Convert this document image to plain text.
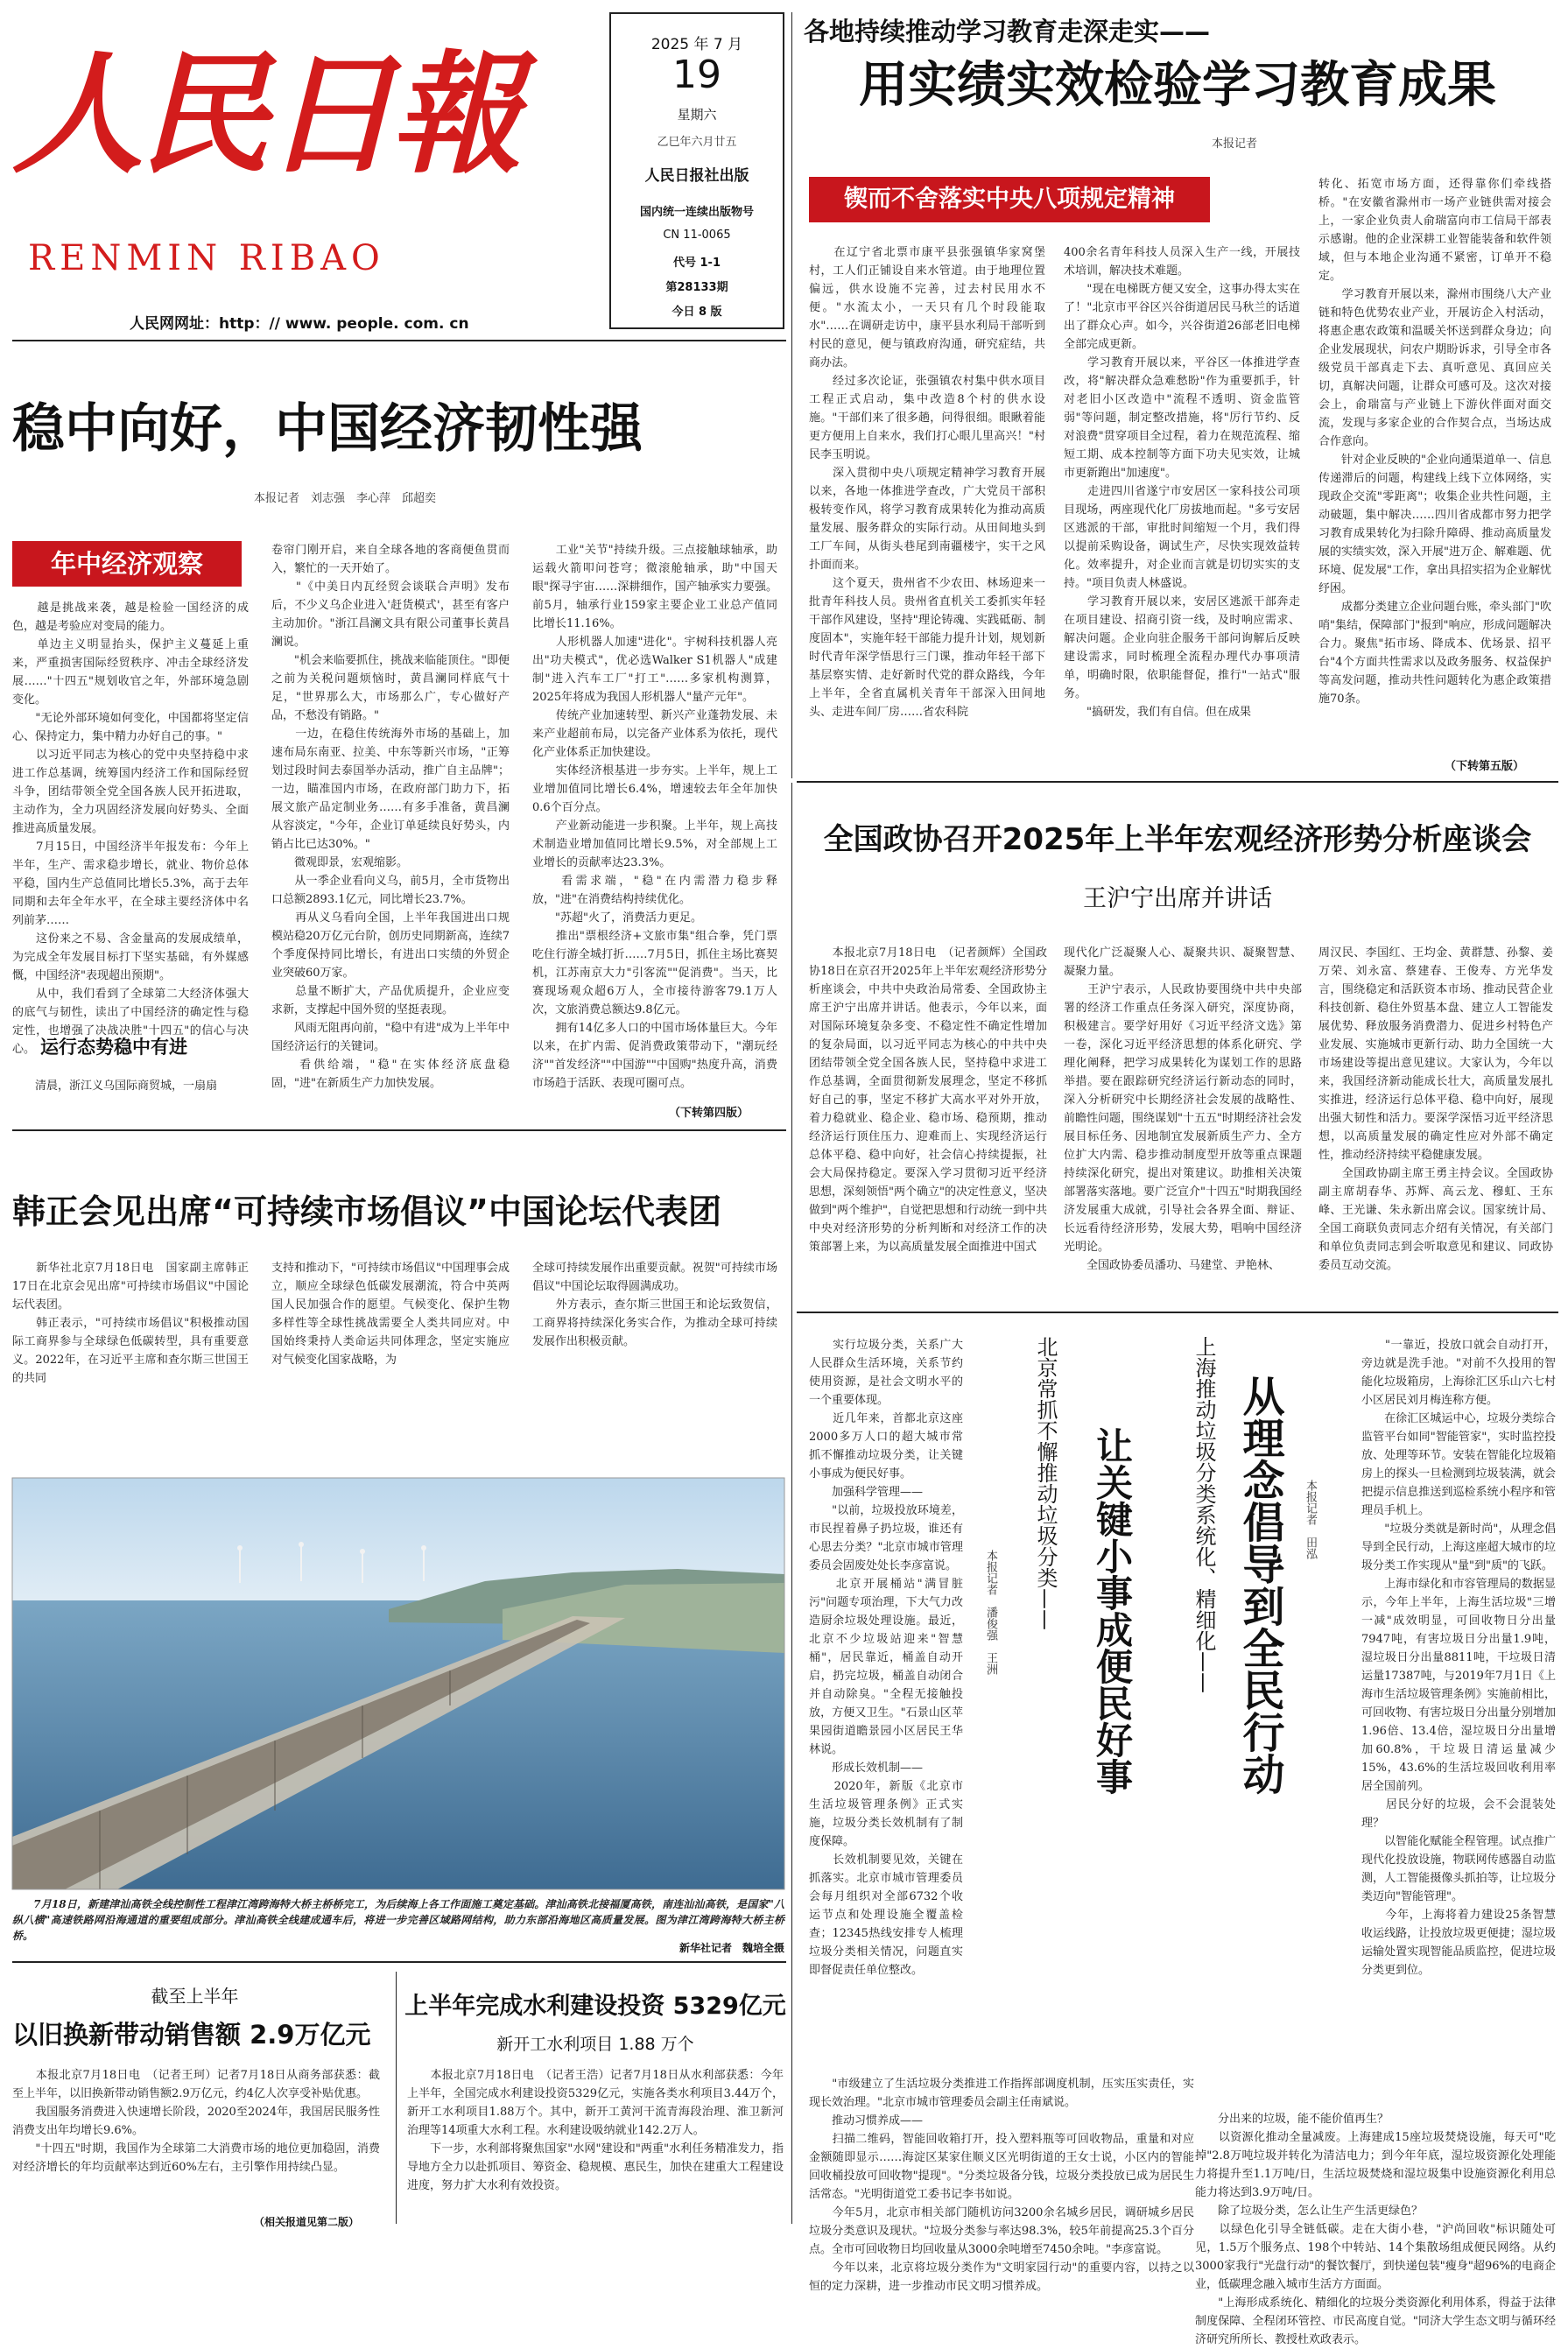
人民日報
RENMIN RIBAO
人民网网址：http：// www. people. com. cn
2025 年 7 月
19
星期六
乙巳年六月廿五
人民日报社出版
国内统一连续出版物号
CN 11-0065
代号 1-1
第28133期
今日 8 版
各地持续推动学习教育走深走实——
用实绩实效检验学习教育成果
本报记者
锲而不舍落实中央八项规定精神
　　在辽宁省北票市康平县张强镇华家窝堡村，工人们正铺设自来水管道。由于地理位置偏远，供水设施不完善，过去村民用水不便。"水流太小，一天只有几个时段能取水"……在调研走访中，康平县水利局干部听到村民的意见，便与镇政府沟通，研究症结，共商办法。
　　经过多次论证，张强镇农村集中供水项目工程正式启动，集中改造8个村的供水设施。"干部们来了很多趟，问得很细。眼瞅着能更方便用上自来水，我们打心眼儿里高兴！"村民李玉明说。
　　深入贯彻中央八项规定精神学习教育开展以来，各地一体推进学查改，广大党员干部积极转变作风，将学习教育成果转化为推动高质量发展、服务群众的实际行动。从田间地头到工厂车间，从街头巷尾到南疆楼宇，实干之风扑面而来。
　　这个夏天，贵州省不少农田、林场迎来一批青年科技人员。贵州省直机关工委抓实年轻干部作风建设，坚持"理论铸魂、实践砥砺、制度固本"，实施年轻干部能力提升计划，规划新时代青年深学悟思行三门课，推动年轻干部下基层察实情、走好新时代党的群众路线，今年上半年，全省直属机关青年干部深入田间地头、走进车间厂房……省农科院
400余名青年科技人员深入生产一线，开展技术培训，解决技术难题。
　　"现在电梯既方便又安全，这事办得太实在了！"北京市平谷区兴谷街道居民马秋兰的话道出了群众心声。如今，兴谷街道26部老旧电梯全部完成更新。
　　学习教育开展以来，平谷区一体推进学查改，将"解决群众急难愁盼"作为重要抓手，针对老旧小区改造中"流程不透明、资金监管弱"等问题，制定整改措施，将"厉行节约、反对浪费"贯穿项目全过程，着力在规范流程、缩短工期、成本控制等方面下功夫见实效，让城市更新跑出"加速度"。
　　走进四川省遂宁市安居区一家科技公司项目现场，两座现代化厂房拔地而起。"多亏安居区逃派的干部，审批时间缩短一个月，我们得以提前采购设备，调试生产，尽快实现效益转化。效率提升，对企业而言就是切切实实的支持。"项目负责人林盛说。
　　学习教育开展以来，安居区逃派干部奔走在项目建设、招商引资一线，及时响应需求、解决问题。企业向驻企服务干部问询解后反映建设需求，同时梳理全流程办理代办事项清单，明确时限，依职能督促，推行"一站式"服务。
　　"搞研发，我们有自信。但在成果
转化、拓宽市场方面，还得靠你们牵线搭桥。"在安徽省滁州市一场产业链供需对接会上，一家企业负责人俞瑞富向市工信局干部表示感谢。他的企业深耕工业智能装备和软件领域，但与本地企业沟通不紧密，订单开不稳定。
　　学习教育开展以来，滁州市围绕八大产业链和特色优势农业产业，开展访企入村活动，将惠企惠农政策和温暖关怀送到群众身边；向企业发展现状，问农户期盼诉求，引导全市各级党员干部真走下去、真听意见、真回应关切，真解决问题，让群众可感可及。这次对接会上，俞瑞富与产业链上下游伙伴面对面交流，发现与多家企业的合作契合点，当场达成合作意向。
　　针对企业反映的"企业向通渠道单一、信息传递滞后的问题，构建线上线下立体网络，实现政企交流"零距离"；收集企业共性问题，主动破题，集中解决……四川省成都市努力把学习教育成果转化为扫除升障碍、推动高质量发展的实绩实效，深入开展"进万企、解难题、优环境、促发展"工作，拿出具招实招为企业解忧纾困。
　　成都分类建立企业问题台账，牵头部门"吹哨"集结，保障部门"报到"响应，形成问题解决合力。聚焦"拓市场、降成本、优场景、招平台"4个方面共性需求以及政务服务、权益保护等高发问题，推动共性问题转化为惠企政策措施70条。
（下转第五版）
稳中向好，中国经济韧性强
本报记者　刘志强　李心萍　邱超奕
年中经济观察
　　越是挑战来袭，越是检验一国经济的成色，越是考验应对变局的能力。
　　单边主义明显抬头，保护主义蔓延上重来，严重损害国际经贸秩序、冲击全球经济发展……"十四五"规划收官之年，外部环境急剧变化。
　　"无论外部环境如何变化，中国都将坚定信心、保持定力，集中精力办好自己的事。"
　　以习近平同志为核心的党中央坚持稳中求进工作总基调，统筹国内经济工作和国际经贸斗争，团结带领全党全国各族人民开拓进取，主动作为，全力巩固经济发展向好势头、全面推进高质量发展。
　　7月15日，中国经济半年报发布：今年上半年，生产、需求稳步增长，就业、物价总体平稳，国内生产总值同比增长5.3%，高于去年同期和去年全年水平，在全球主要经济体中名列前茅……
　　这份来之不易、含金量高的发展成绩单，为完成全年发展目标打下坚实基础，有外媒感慨，中国经济"表现超出预期"。
　　从中，我们看到了全球第二大经济体强大的底气与韧性，读出了中国经济的确定性与稳定性，也增强了决战决胜"十四五"的信心与决心。 运行态势稳中有进
　　清晨，浙江义乌国际商贸城，一扇扇
卷帘门刚开启，来自全球各地的客商便鱼贯而入，繁忙的一天开始了。
　　"《中美日内瓦经贸会谈联合声明》发布后，不少义乌企业进入'赶货模式'，甚至有客户主动加价。"浙江昌澜文具有限公司董事长黄昌澜说。
　　"机会来临要抓住，挑战来临能顶住。"即便之前为关税问题烦恼时，黄昌澜同样底气十足，"世界那么大，市场那么广，专心做好产品，不愁没有销路。"
　　一边，在稳住传统海外市场的基础上，加速布局东南亚、拉美、中东等新兴市场，"正筹划过段时间去泰国举办活动，推广自主品牌"；一边，瞄准国内市场，在政府部门助力下，拓展文旅产品定制业务……有多手准备，黄昌澜从容淡定，"今年，企业订单延续良好势头，内销占比已达30%。"
　　微观即景，宏观缩影。
　　从一季企业看向义乌，前5月，全市货物出口总额2893.1亿元，同比增长23.7%。
　　再从义乌看向全国，上半年我国进出口规模站稳20万亿元台阶，创历史同期新高，连续7个季度保持同比增长，有进出口实绩的外贸企业突破60万家。
　　总量不断扩大，产品优质提升，企业应变求新，支撑起中国外贸的坚挺表现。
　　风雨无阻再向前，"稳中有进"成为上半年中国经济运行的关键词。
　　看供给端，"稳"在实体经济底盘稳固，"进"在新质生产力加快发展。
　　工业"关节"持续升级。三点接触球轴承，助运载火箭叩问苍穹；微滚舱轴承，助"中国天眼"探寻宇宙……深耕细作，国产轴承实力要强。前5月，轴承行业159家主要企业工业总产值同比增长11.16%。
　　人形机器人加速"进化"。宇树科技机器人亮出"功夫模式"，优必选Walker S1机器人"成建制"进入汽车工厂"打工"……多家机构测算，2025年将成为我国人形机器人"量产元年"。
　　传统产业加速转型、新兴产业蓬勃发展、未来产业超前布局，以完备产业体系为依托，现代化产业体系正加快建设。
　　实体经济根基进一步夯实。上半年，规上工业增加值同比增长6.4%，增速较去年全年加快0.6个百分点。
　　产业新动能进一步积聚。上半年，规上高技术制造业增加值同比增长9.5%，对全部规上工业增长的贡献率达23.3%。
　　看需求端，"稳"在内需潜力稳步释放，"进"在消费结构持续优化。
　　"苏超"火了，消费活力更足。
　　推出"票根经济+文旅市集"组合拳，凭门票吃住行游全城打折……7月5日，抓住主场比赛契机，江苏南京大力"引客流""促消费"。当天，比赛现场观众超6万人，全市接待游客79.1万人次，文旅消费总额达9.8亿元。
　　拥有14亿多人口的中国市场体量巨大。今年以来，在扩内需、促消费政策带动下，"潮玩经济""首发经济""中国游""中国购"热度升高，消费市场趋于活跃、表现可圈可点。
（下转第四版）
全国政协召开2025年上半年宏观经济形势分析座谈会
王沪宁出席并讲话
　　本报北京7月18日电　（记者颜辉）全国政协18日在京召开2025年上半年宏观经济形势分析座谈会，中共中央政治局常委、全国政协主席王沪宁出席并讲话。他表示，今年以来，面对国际环境复杂多变、不稳定性不确定性增加的复杂局面，以习近平同志为核心的中共中央团结带领全党全国各族人民，坚持稳中求进工作总基调，全面贯彻新发展理念，坚定不移抓好自己的事，坚定不移扩大高水平对外开放，着力稳就业、稳企业、稳市场、稳预期，推动经济运行顶住压力、迎难而上、实现经济运行总体平稳、稳中向好，社会信心持续提振，社会大局保持稳定。要深入学习贯彻习近平经济思想，深刻领悟"两个确立"的决定性意义，坚决做到"两个维护"，自觉把思想和行动统一到中共中央对经济形势的分析判断和对经济工作的决策部署上来，为以高质量发展全面推进中国式
现代化广泛凝聚人心、凝聚共识、凝聚智慧、凝聚力量。
　　王沪宁表示，人民政协要围绕中共中央部署的经济工作重点任务深入研究，深度协商，积极建言。要学好用好《习近平经济文选》第一卷，深化习近平经济思想的体系化研究、学理化阐释，把学习成果转化为谋划工作的思路举措。要在跟踪研究经济运行新动态的同时，深入分析研究中长期经济社会发展的战略性、前瞻性问题，围绕谋划"十五五"时期经济社会发展目标任务、因地制宜发展新质生产力、全方位扩大内需、稳步推动制度型开放等重点课题持续深化研究，提出对策建议。助推相关决策部署落实落地。要广泛宣介"十四五"时期我国经济发展重大成就，引导社会各界全面、辩证、长远看待经济形势，发展大势，唱响中国经济光明论。
　　全国政协委员潘功、马建堂、尹艳林、
周汉民、李国红、王均金、黄群慧、孙黎、姜万荣、刘永富、蔡建春、王俊寿、方光华发言，围绕稳定和活跃资本市场、推动民营企业科技创新、稳住外贸基本盘、建立人工智能发展优势、释放服务消费潜力、促进乡村特色产业发展、实施城市更新行动、助力全国统一大市场建设等提出意见建议。大家认为，今年以来，我国经济新动能成长壮大，高质量发展扎实推进，经济运行总体平稳、稳中向好，展现出强大韧性和活力。要深学深悟习近平经济思想，以高质量发展的确定性应对外部不确定性，推动经济持续平稳健康发展。
　　全国政协副主席王勇主持会议。全国政协副主席胡春华、苏辉、高云龙、穆虹、王东峰、王光谦、朱永新出席会议。国家统计局、全国工商联负责同志介绍有关情况，有关部门和单位负责同志到会听取意见和建议、同政协委员互动交流。
韩正会见出席“可持续市场倡议”中国论坛代表团
　　新华社北京7月18日电　国家副主席韩正17日在北京会见出席"可持续市场倡议"中国论坛代表团。
　　韩正表示，"可持续市场倡议"积极推动国际工商界参与全球绿色低碳转型，具有重要意义。2022年，在习近平主席和查尔斯三世国王的共同
支持和推动下，"可持续市场倡议"中国理事会成立，顺应全球绿色低碳发展潮流，符合中英两国人民加强合作的愿望。气候变化、保护生物多样性等全球性挑战需要全人类共同应对。中国始终秉持人类命运共同体理念，坚定实施应对气候变化国家战略，为
全球可持续发展作出重要贡献。祝贺"可持续市场倡议"中国论坛取得圆满成功。
　　外方表示，查尔斯三世国王和论坛致贺信，工商界将持续深化务实合作，为推动全球可持续发展作出积极贡献。
　　7月18日，新建津汕高铁全线控制性工程津江湾跨海特大桥主桥桥完工，为后续海上各工作面施工奠定基础。津汕高铁北接福厦高铁，南连汕汕高铁，是国家"八纵八横"高速铁路网沿海通道的重要组成部分。津汕高铁全线建成通车后，将进一步完善区域路网结构，助力东部沿海地区高质量发展。图为津江湾跨海特大桥主桥桥。
新华社记者　魏培全摄
截至上半年
以旧换新带动销售额 2.9万亿元
　　本报北京7月18日电　（记者王珂）记者7月18日从商务部获悉：截至上半年，以旧换新带动销售额2.9万亿元，约4亿人次享受补贴优惠。
　　我国服务消费进入快速增长阶段，2020至2024年，我国居民服务性消费支出年均增长9.6%。
　　"十四五"时期，我国作为全球第二大消费市场的地位更加稳固，消费对经济增长的年均贡献率达到近60%左右，主引擎作用持续凸显。
（相关报道见第二版）
上半年完成水利建设投资 5329亿元
新开工水利项目 1.88 万个
　　本报北京7月18日电　（记者王浩）记者7月18日从水利部获悉：今年上半年，全国完成水利建设投资5329亿元，实施各类水利项目3.44万个，新开工水利项目1.88万个。其中，新开工黄河干流青海段治理、淮卫新河治理等14项重大水利工程。水利建设吸纳就业142.2万人。
　　下一步，水利部将聚焦国家"水网"建设和"两重"水利任务精准发力，指导地方全力以赴抓项目、筹资金、稳规模、惠民生，加快在建重大工程建设进度，努力扩大水利有效投资。
　　实行垃圾分类，关系广大人民群众生活环境，关系节约使用资源，是社会文明水平的一个重要体现。
　　近几年来，首都北京这座2000多万人口的超大城市常抓不懈推动垃圾分类，让关键小事成为便民好事。
　　加强科学管理——
　　"以前，垃圾投放环境差，市民捏着鼻子扔垃圾，谁还有心思去分类？"北京市城市管理委员会固废处处长李彦富说。
　　北京开展桶站"满冒脏污"问题专项治理，下大气力改造厨余垃圾处理设施。最近，北京不少垃圾站迎来"智慧桶"，居民靠近，桶盖自动开启，扔完垃圾，桶盖自动闭合并自动除臭。"全程无接触投放，方便又卫生。"石景山区苹果园街道瞻景园小区居民王华林说。
　　形成长效机制——
　　2020年，新版《北京市生活垃圾管理条例》正式实施，垃圾分类长效机制有了制度保障。
　　长效机制要见效，关键在抓落实。北京市城市管理委员会每月组织对全部6732个收运节点和处理设施全覆盖检查；12345热线安排专人梳理垃圾分类相关情况，问题直实即督促责任单位整改。
　　"市级建立了生活垃圾分类推进工作指挥部调度机制，压实压实责任，实现长效治理。"北京市城市管理委员会副主任南斌说。
　　推动习惯养成——
　　扫描二维码，智能回收箱打开，投入塑料瓶等可回收物品，重量和对应金额随即显示……海淀区某家住顺义区光明街道的王女士说，小区内的智能回收桶投放可回收物"提现"。"分类垃圾备分钱，垃圾分类投放已成为居民生活常态。"光明街道党工委书记李书如说。
　　今年5月，北京市相关部门随机访问3200余名城乡居民，调研城乡居民垃圾分类意识及现状。"垃圾分类参与率达98.3%，较5年前提高25.3个百分点。全市可回收物日均回收量从3000余吨增至7450余吨。"李彦富说。
　　今年以来，北京将垃圾分类作为"文明家园行动"的重要内容，以持之以恒的定力深耕，进一步推动市民文明习惯养成。
本报记者　潘俊强　王洲	北京常抓不懈推动垃圾分类—— 让关键小事成便民好事	上海推动垃圾分类系统化、精细化—— 从理念倡导到全民行动	本报记者　田泓
　　"一靠近，投放口就会自动打开，旁边就是洗手池。"对前不久投用的智能化垃圾箱房，上海徐汇区乐山六七村小区居民刘月梅连称方便。
　　在徐汇区城运中心，垃圾分类综合监管平台如同"智能管家"，实时监控投放、处理等环节。安装在智能化垃圾箱房上的探头一旦检测到垃圾装满，就会把提示信息推送到巡检系统小程序和管理员手机上。
　　"垃圾分类就是新时尚"，从理念倡导到全民行动，上海这座超大城市的垃圾分类工作实现从"量"到"质"的飞跃。
　　上海市绿化和市容管理局的数据显示，今年上半年，上海生活垃圾"三增一减"成效明显，可回收物日分出量7947吨，有害垃圾日分出量1.9吨，湿垃圾日分出量8811吨，干垃圾日清运量17387吨，与2019年7月1日《上海市生活垃圾管理条例》实施前相比，可回收物、有害垃圾日分出量分别增加1.96倍、13.4倍，湿垃圾日分出量增加60.8%，干垃圾日清运量减少15%，43.6%的生活垃圾回收利用率居全国前列。
　　居民分好的垃圾，会不会混装处理？
　　以智能化赋能全程管理。试点推广现代化投放设施，物联网传感器自动监测，人工智能摄像头抓拍等，让垃圾分类迈向"智能管理"。
　　今年，上海将着力建设25条智慧收运线路，让投放垃圾更便捷；湿垃圾运输处置实现智能品质监控，促进垃圾分类更到位。
　　分出来的垃圾，能不能价值再生？
　　以资源化推动全量减废。上海建成15座垃圾焚烧设施，每天可"吃掉"2.8万吨垃圾并转化为清洁电力；到今年年底，湿垃圾资源化处理能力将提升至1.1万吨/日，生活垃圾焚烧和湿垃圾集中设施资源化利用总能力将达到3.9万吨/日。
　　除了垃圾分类，怎么让生产生活更绿色？
　　以绿色化引导全链低碳。走在大街小巷，"沪尚回收"标识随处可见，1.5万个服务点、198个中转站、14个集散场组成便民网络。从约3000家我行"光盘行动"的餐饮餐厅，到快递包装"瘦身"超96%的电商企业，低碳理念融入城市生活方方面面。
　　"上海形成系统化、精细化的垃圾分类资源化利用体系，得益于法律制度保障、全程闭环管控、市民高度自觉。"同济大学生态文明与循环经济研究所所长、教授杜欢政表示。
